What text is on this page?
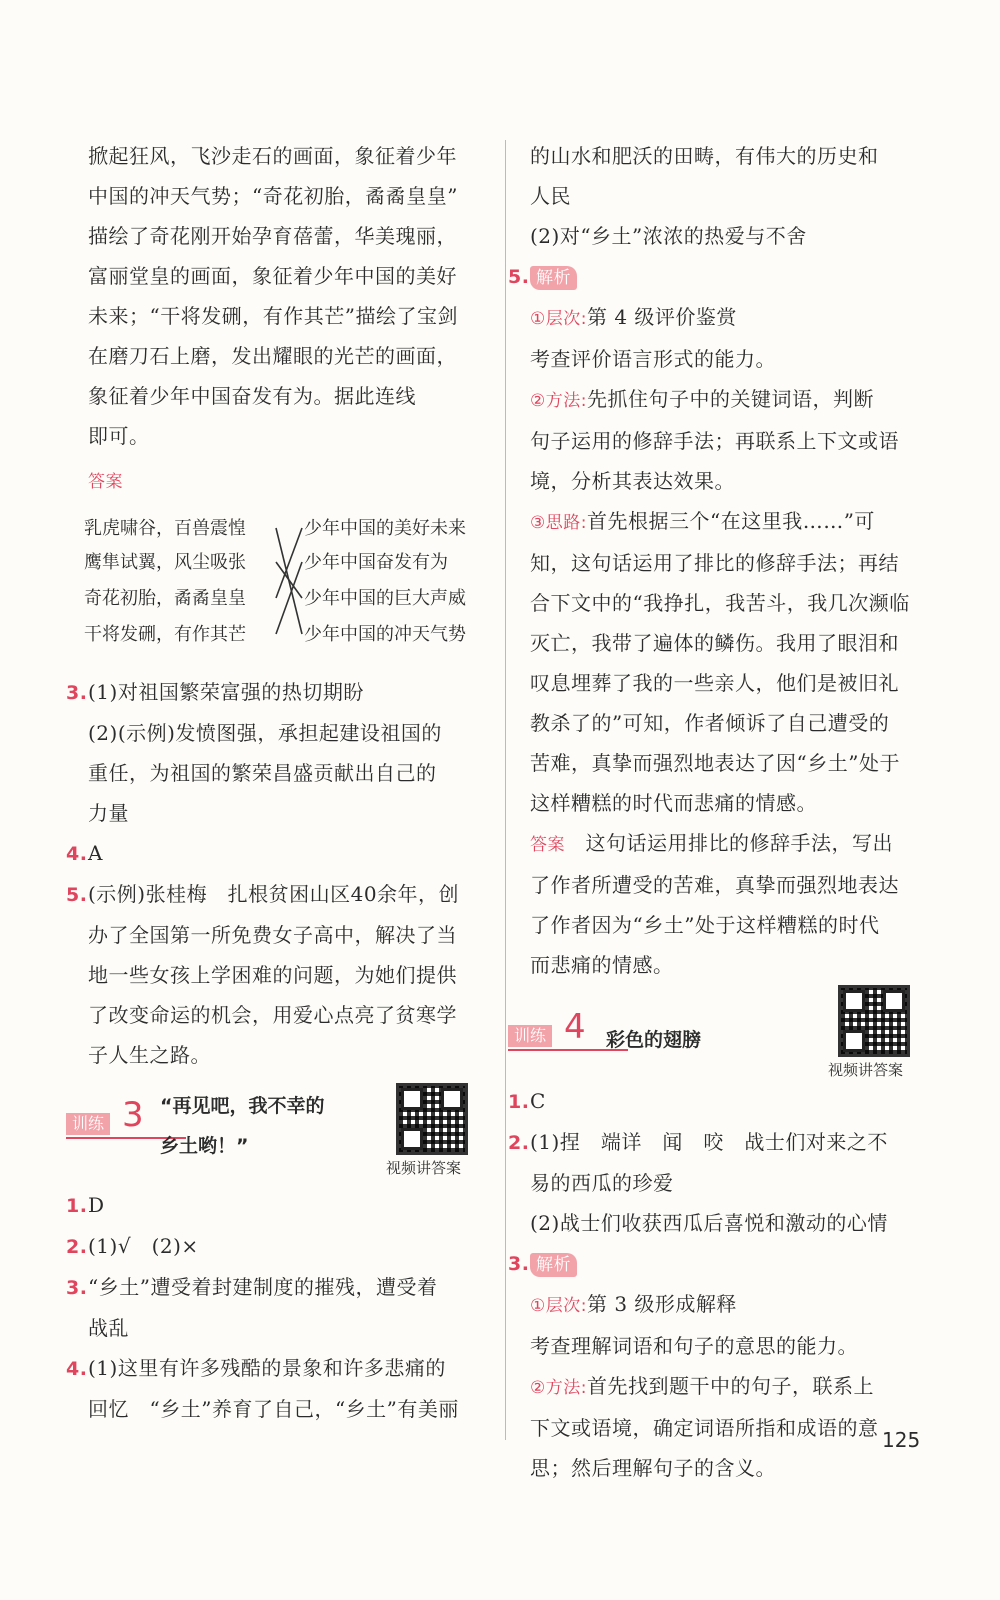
掀起狂风，飞沙走石的画面，象征着少年

中国的冲天气势；“奇花初胎，矞矞皇皇”

描绘了奇花刚开始孕育蓓蕾，华美瑰丽，

富丽堂皇的画面，象征着少年中国的美好

未来；“干将发硎，有作其芒”描绘了宝剑

在磨刀石上磨，发出耀眼的光芒的画面，

象征着少年中国奋发有为。据此连线

即可。

答案

乳虎啸谷，百兽震惶
鹰隼试翼，风尘吸张
奇花初胎，矞矞皇皇
干将发硎，有作其芒
少年中国的美好未来
少年中国奋发有为
少年中国的巨大声威
少年中国的冲天气势

3.(1)对祖国繁荣富强的热切期盼

(2)(示例)发愤图强，承担起建设祖国的

重任，为祖国的繁荣昌盛贡献出自己的

力量

4.A

5.(示例)张桂梅　扎根贫困山区40余年，创

办了全国第一所免费女子高中，解决了当

地一些女孩上学困难的问题，为她们提供

了改变命运的机会，用爱心点亮了贫寒学

子人生之路。

训练 3 “再见吧，我不幸的
乡土哟！”
视频讲答案

1.D

2.(1)√　(2)×

3.“乡土”遭受着封建制度的摧残，遭受着

战乱

4.(1)这里有许多残酷的景象和许多悲痛的

回忆　“乡土”养育了自己，“乡土”有美丽

的山水和肥沃的田畴，有伟大的历史和

人民

(2)对“乡土”浓浓的热爱与不舍

5. 解析

①层次:第 4 级评价鉴赏

考查评价语言形式的能力。

②方法:先抓住句子中的关键词语，判断

句子运用的修辞手法；再联系上下文或语

境，分析其表达效果。

③思路:首先根据三个“在这里我……”可

知，这句话运用了排比的修辞手法；再结

合下文中的“我挣扎，我苦斗，我几次濒临

灭亡，我带了遍体的鳞伤。我用了眼泪和

叹息埋葬了我的一些亲人，他们是被旧礼

教杀了的”可知，作者倾诉了自己遭受的

苦难，真挚而强烈地表达了因“乡土”处于

这样糟糕的时代而悲痛的情感。

答案　 这句话运用排比的修辞手法，写出

了作者所遭受的苦难，真挚而强烈地表达

了作者因为“乡土”处于这样糟糕的时代

而悲痛的情感。

训练 4 彩色的翅膀
视频讲答案

1.C

2.(1)捏　端详　闻　咬　战士们对来之不

易的西瓜的珍爱

(2)战士们收获西瓜后喜悦和激动的心情

3. 解析

①层次:第 3 级形成解释

考查理解词语和句子的意思的能力。

②方法:首先找到题干中的句子，联系上

下文或语境，确定词语所指和成语的意

思；然后理解句子的含义。

125
